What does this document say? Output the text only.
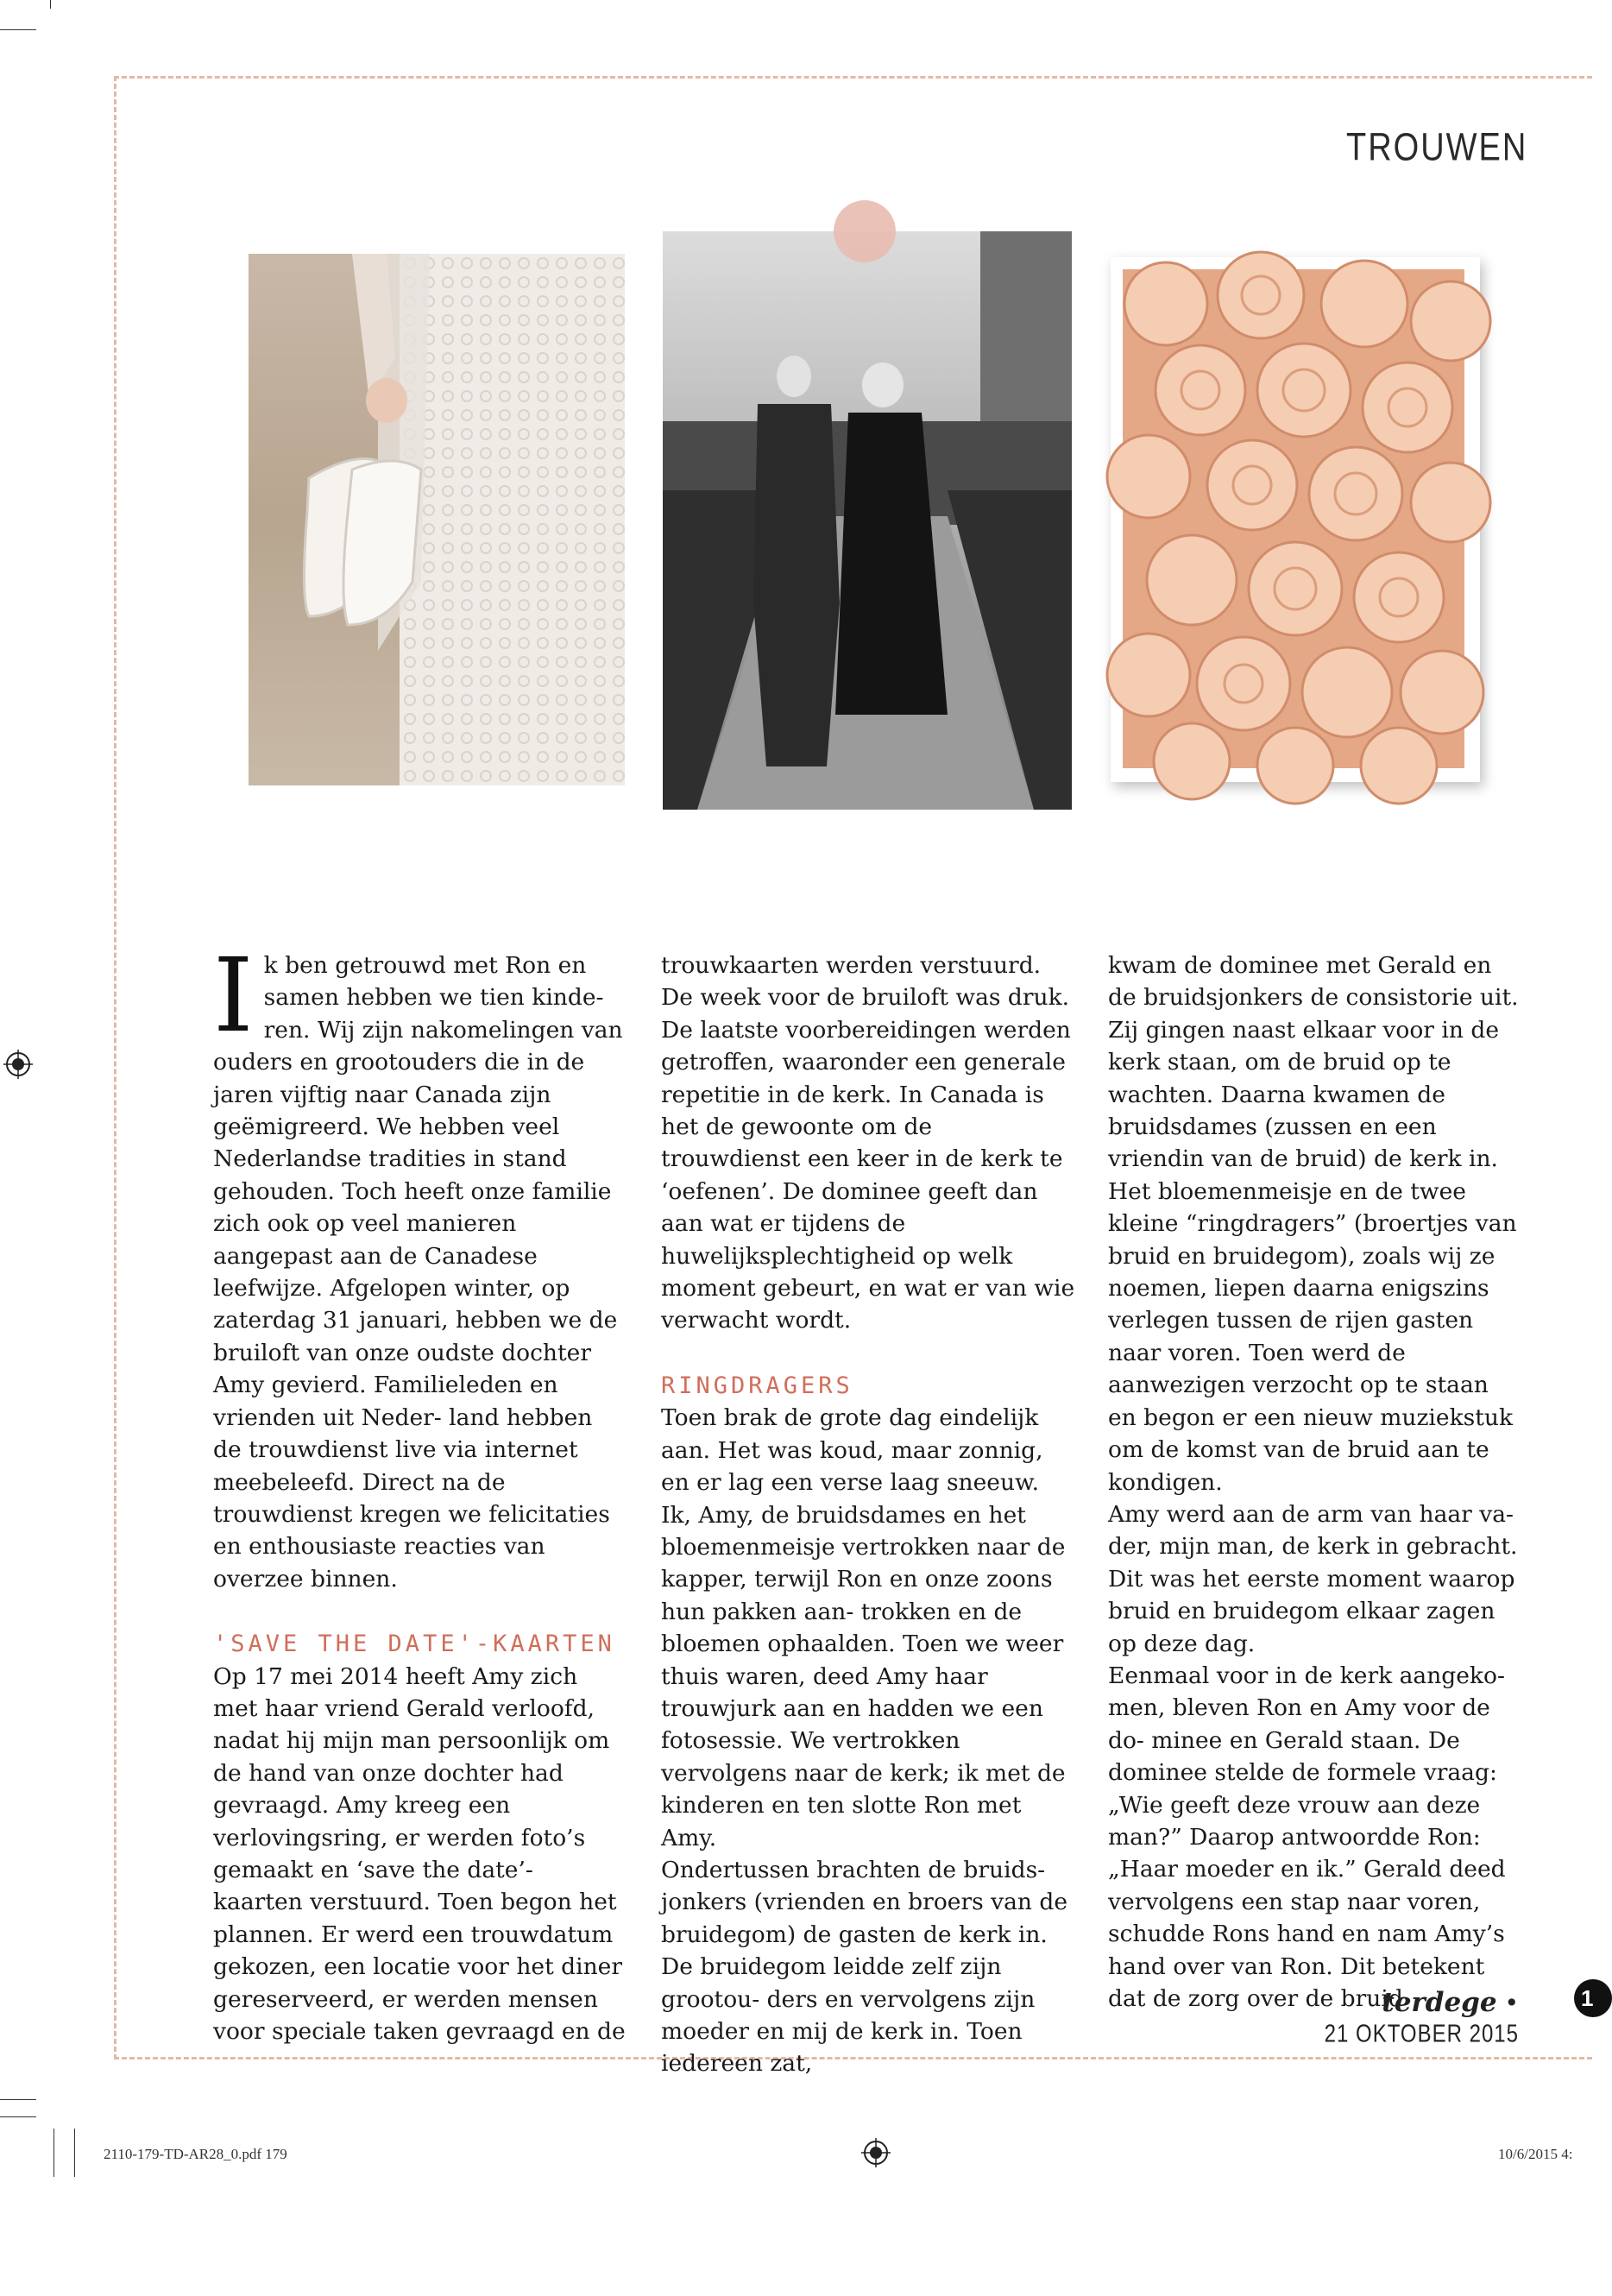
TROUWEN

Ik ben getrouwd met Ron en samen hebben we tien kinde- ren. Wij zijn nakomelingen van ouders en grootouders die in de jaren vijftig naar Canada zijn geëmigreerd. We hebben veel Nederlandse tradities in stand gehouden. Toch heeft onze familie zich ook op veel manieren aangepast aan de Canadese leefwijze. Afgelopen winter, op zaterdag 31 januari, hebben we de bruiloft van onze oudste dochter Amy gevierd. Familieleden en vrienden uit Neder- land hebben de trouwdienst live via internet meebeleefd. Direct na de trouwdienst kregen we felicitaties en enthousiaste reacties van overzee binnen.

'SAVE THE DATE'-KAARTEN

Op 17 mei 2014 heeft Amy zich met haar vriend Gerald verloofd, nadat hij mijn man persoonlijk om de hand van onze dochter had gevraagd. Amy kreeg een verlovingsring, er werden foto’s gemaakt en ‘save the date’- kaarten verstuurd. Toen begon het plannen. Er werd een trouwdatum gekozen, een locatie voor het diner gereserveerd, er werden mensen voor speciale taken gevraagd en de

trouwkaarten werden verstuurd. De week voor de bruiloft was druk. De laatste voorbereidingen werden getroffen, waaronder een generale repetitie in de kerk. In Canada is het de gewoonte om de trouwdienst een keer in de kerk te ‘oefenen’. De dominee geeft dan aan wat er tijdens de huwelijksplechtigheid op welk moment gebeurt, en wat er van wie verwacht wordt.

RINGDRAGERS

Toen brak de grote dag eindelijk aan. Het was koud, maar zonnig, en er lag een verse laag sneeuw. Ik, Amy, de bruidsdames en het bloemenmeisje vertrokken naar de kapper, terwijl Ron en onze zoons hun pakken aan- trokken en de bloemen ophaalden. Toen we weer thuis waren, deed Amy haar trouwjurk aan en hadden we een fotosessie. We vertrokken vervolgens naar de kerk; ik met de kinderen en ten slotte Ron met Amy.

Ondertussen brachten de bruids- jonkers (vrienden en broers van de bruidegom) de gasten de kerk in. De bruidegom leidde zelf zijn grootou- ders en vervolgens zijn moeder en mij de kerk in. Toen iedereen zat,

kwam de dominee met Gerald en de bruidsjonkers de consistorie uit. Zij gingen naast elkaar voor in de kerk staan, om de bruid op te wachten. Daarna kwamen de bruidsdames (zussen en een vriendin van de bruid) de kerk in. Het bloemenmeisje en de twee kleine “ringdragers” (broertjes van bruid en bruidegom), zoals wij ze noemen, liepen daarna enigszins verlegen tussen de rijen gasten naar voren. Toen werd de aanwezigen verzocht op te staan en begon er een nieuw muziekstuk om de komst van de bruid aan te kondigen.

Amy werd aan de arm van haar va- der, mijn man, de kerk in gebracht. Dit was het eerste moment waarop bruid en bruidegom elkaar zagen op deze dag.

Eenmaal voor in de kerk aangeko- men, bleven Ron en Amy voor de do- minee en Gerald staan. De dominee stelde de formele vraag: „Wie geeft deze vrouw aan deze man?” Daarop antwoordde Ron: „Haar moeder en ik.” Gerald deed vervolgens een stap naar voren, schudde Rons hand en nam Amy’s hand over van Ron. Dit betekent dat de zorg over de bruid

terdege • 21 OKTOBER 2015
1
2110-179-TD-AR28_0.pdf 179	10/6/2015 4:
